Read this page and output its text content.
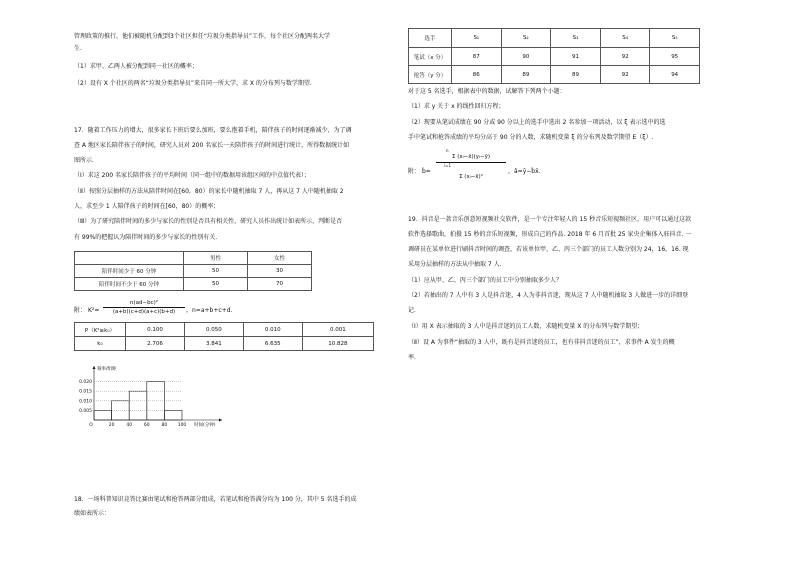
管理政策的推行，他们被随机分配到3个社区担任“垃圾分类指导员”工作，每个社区分配两名大学
生.
（1）求甲、乙两人被分配到同一社区的概率；
（2）设有 X 个社区的两名“垃圾分类指导员”来自同一所大学，求 X 的分布列与数学期望.
17．随着工作压力的增大，很多家长下班后要么加班，要么抱着手机，陪伴孩子的时间逐渐减少，为了调
查 A 地区家长陪伴孩子的时间，研究人员对 200 名家长一天陪伴孩子的时间进行统计，所得数据统计如
图所示.
（Ⅰ）求这 200 名家长陪伴孩子的平均时间（同一组中的数据用该组区间的中点值代表）；
（Ⅱ）按照分层抽样的方法从陪伴时间在[60，80）的家长中随机抽取 7 人，再从这 7 人中随机抽取 2
人，求至少 1 人陪伴孩子的时间在[60，80）的概率；
（Ⅲ）为了研究陪伴时间的多少与家长的性别是否具有相关性，研究人员作出统计如表所示，判断是否
有 99%的把握认为陪伴时间的多少与家长的性别有关.
	男性	女性
陪伴时间少于 60 分钟	50	30
陪伴时间不少于 60 分钟	50	70
附： K²=
n(ad−bc)²
(a+b)(c+d)(a+c)(b+d)	，n=a+b+c+d.
P（K²≥k₀）	0.100	0.050	0.010	0.001
k₀	2.706	3.841	6.635	10.828
0.020
0.015
0.010
0.005
O	20	40	60	80 100
频率/组距
时间(分钟)
18．一场科普知识竞答比赛由笔试和抢答两部分组成，若笔试和抢答满分均为 100 分，其中 5 名选手的成
绩如表所示：
选手	S₁	S₂	S₃	S₄	S₅
笔试（x 分）	87	90	91	92	95
抢答（y 分）	86	89	89	92	94
对于这 5 名选手，根据表中的数据，试解答下列两个小题：
（1）求 y 关于 x 的线性回归方程；
（2）现要从笔试成绩在 90 分或 90 分以上的选手中选出 2 名参加一项活动，以 ξ 表示选中的选
手中笔试和抢答成绩的平均分高于 90 分的人数，求随机变量 ξ 的分布列及数学期望 E（ξ）.
附： b̂=
n
Σ (xᵢ−x̄)(yᵢ−ȳ)
i=1
Σ (xᵢ−x̄)²
，â=ȳ−b̂x̄.
19．抖音是一款音乐创意短视频社交软件，是一个专注年轻人的 15 秒音乐短视频社区，用户可以通过这款
软件选择歌曲，拍摄 15 秒的音乐短视频，形成自己的作品. 2018 年 6 月首批 25 家央企集体入驻抖音. 一
调研员在某单位进行刷抖音时间的调查，若该单位甲、乙、丙三个部门的员工人数分别为 24，16，16. 现
采用分层抽样的方法从中抽取 7 人.
（1）应从甲、乙、丙三个部门的员工中分别抽取多少人？
（2）若抽出的 7 人中有 3 人是抖音迷，4 人为非抖音迷，现从这 7 人中随机抽取 3 人做进一步的详细登
记.
（Ⅰ）用 X 表示抽取的 3 人中是抖音迷的员工人数，求随机变量 X 的分布列与数学期望；
（Ⅱ）设 A 为事件“抽取的 3 人中，既有是抖音迷的员工，也有非抖音迷的员工”，求事件 A 发生的概
率.
